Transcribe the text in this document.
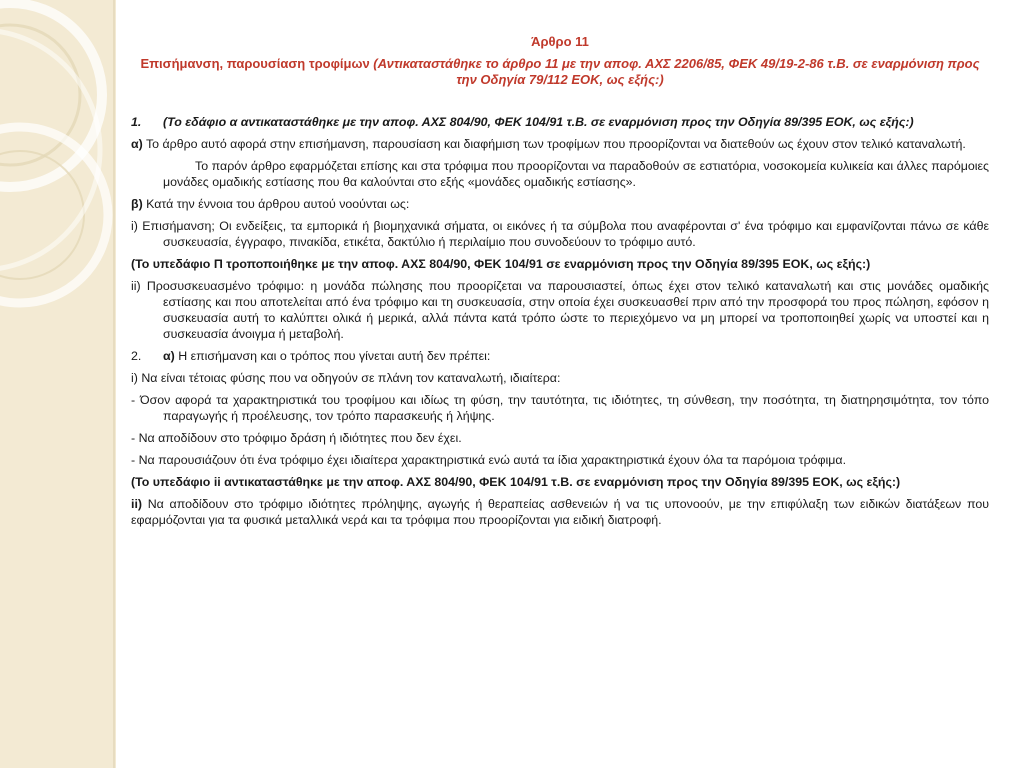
Άρθρο 11
Επισήμανση, παρουσίαση τροφίμων (Αντικαταστάθηκε το άρθρο 11 με την αποφ. ΑΧΣ 2206/85, ΦΕΚ 49/19-2-86 τ.Β. σε εναρμόνιση προς την Οδηγία 79/112 ΕΟΚ, ως εξής:)
1. (Το εδάφιο α αντικαταστάθηκε με την αποφ. ΑΧΣ 804/90, ΦΕΚ 104/91 τ.Β. σε εναρμόνιση προς την Οδηγία 89/395 ΕΟΚ, ως εξής:)
α) Το άρθρο αυτό αφορά στην επισήμανση, παρουσίαση και διαφήμιση των τροφίμων που προορίζονται να διατεθούν ως έχουν στον τελικό καταναλωτή.
Το παρόν άρθρο εφαρμόζεται επίσης και στα τρόφιμα που προορίζονται να παραδοθούν σε εστιατόρια, νοσοκομεία κυλικεία και άλλες παρόμοιες μονάδες ομαδικής εστίασης που θα καλούνται στο εξής «μονάδες ομαδικής εστίασης».
β) Κατά την έννοια του άρθρου αυτού νοούνται ως:
i) Επισήμανση; Οι ενδείξεις, τα εμπορικά ή βιομηχανικά σήματα, οι εικόνες ή τα σύμβολα που αναφέρονται σ' ένα τρόφιμο και εμφανίζονται πάνω σε κάθε συσκευασία, έγγραφο, πινακίδα, ετικέτα, δακτύλιο ή περιλαίμιο που συνοδεύουν το τρόφιμο αυτό.
(Το υπεδάφιο Π τροποποιήθηκε με την αποφ. ΑΧΣ 804/90, ΦΕΚ 104/91 σε εναρμόνιση προς την Οδηγία 89/395 ΕΟΚ, ως εξής:)
ii) Προσυσκευασμένο τρόφιμο: η μονάδα πώλησης που προορίζεται να παρουσιαστεί, όπως έχει στον τελικό καταναλωτή και στις μονάδες ομαδικής εστίασης και που αποτελείται από ένα τρόφιμο και τη συσκευασία, στην οποία έχει συσκευασθεί πριν από την προσφορά του προς πώληση, εφόσον η συσκευασία αυτή το καλύπτει ολικά ή μερικά, αλλά πάντα κατά τρόπο ώστε το περιεχόμενο να μη μπορεί να τροποποιηθεί χωρίς να υποστεί και η συσκευασία άνοιγμα ή μεταβολή.
2. α) Η επισήμανση και ο τρόπος που γίνεται αυτή δεν πρέπει:
i) Να είναι τέτοιας φύσης που να οδηγούν σε πλάνη τον καταναλωτή, ιδιαίτερα:
- Όσον αφορά τα χαρακτηριστικά του τροφίμου και ιδίως τη φύση, την ταυτότητα, τις ιδιότητες, τη σύνθεση, την ποσότητα, τη διατηρησιμότητα, τον τόπο παραγωγής ή προέλευσης, τον τρόπο παρασκευής ή λήψης.
- Να αποδίδουν στο τρόφιμο δράση ή ιδιότητες που δεν έχει.
- Να παρουσιάζουν ότι ένα τρόφιμο έχει ιδιαίτερα χαρακτηριστικά ενώ αυτά τα ίδια χαρακτηριστικά έχουν όλα τα παρόμοια τρόφιμα.
(Το υπεδάφιο ii αντικαταστάθηκε με την αποφ. ΑΧΣ 804/90, ΦΕΚ 104/91 τ.Β. σε εναρμόνιση προς την Οδηγία 89/395 ΕΟΚ, ως εξής:)
ii) Να αποδίδουν στο τρόφιμο ιδιότητες πρόληψης, αγωγής ή θεραπείας ασθενειών ή να τις υπονοούν, με την επιφύλαξη των ειδικών διατάξεων που εφαρμόζονται για τα φυσικά μεταλλικά νερά και τα τρόφιμα που προορίζονται για ειδική διατροφή.
